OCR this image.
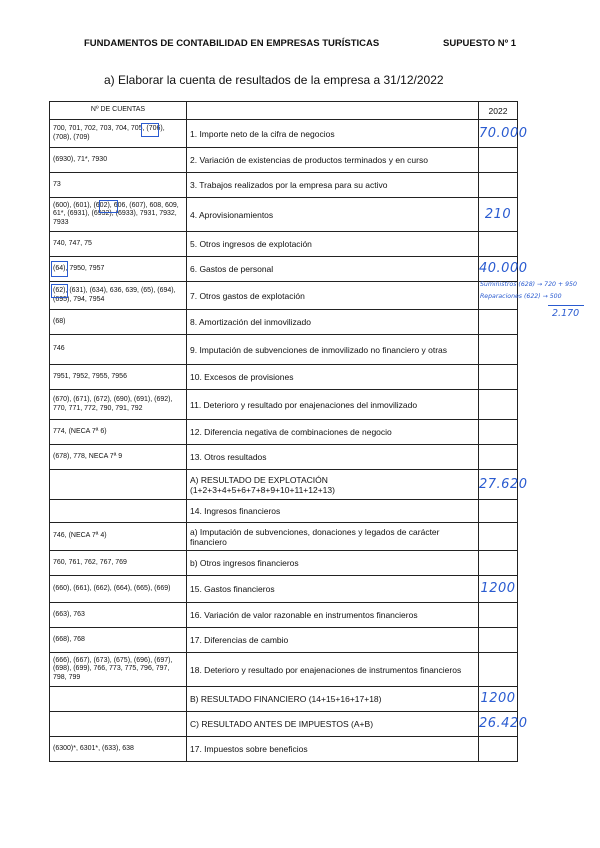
FUNDAMENTOS DE CONTABILIDAD EN EMPRESAS TURÍSTICAS	SUPUESTO Nº 1
a) Elaborar la cuenta de resultados de la empresa a 31/12/2022
Nº DE CUENTAS		2022
700, 701, 702, 703, 704, 705, (706), (708), (709)	1. Importe neto de la cifra de negocios	70.000
(6930), 71*, 7930	2. Variación de existencias de productos terminados y en curso	
73	3. Trabajos realizados por la empresa para su activo	
(600), (601), (602), 606, (607), 608, 609, 61*, (6931), (6932), (6933), 7931, 7932, 7933	4. Aprovisionamientos	210
740, 747, 75	5. Otros ingresos de explotación	
(64), 7950, 7957	6. Gastos de personal	40.000
(62), (631), (634), 636, 639, (65), (694), (695), 794, 7954	7. Otros gastos de explotación	
(68)	8. Amortización del inmovilizado	
746	9. Imputación de subvenciones de inmovilizado no financiero y otras	
7951, 7952, 7955, 7956	10. Excesos de provisiones	
(670), (671), (672), (690), (691), (692), 770, 771, 772, 790, 791, 792	11. Deterioro y resultado por enajenaciones del inmovilizado	
774, (NECA 7ª 6)	12. Diferencia negativa de combinaciones de negocio	
(678), 778, NECA 7ª 9	13. Otros resultados	
	A) RESULTADO DE EXPLOTACIÓN (1+2+3+4+5+6+7+8+9+10+11+12+13)	27.620
	14. Ingresos financieros	
746, (NECA 7ª 4)	a) Imputación de subvenciones, donaciones y legados de carácter financiero	
760, 761, 762, 767, 769	b) Otros ingresos financieros	
(660), (661), (662), (664), (665), (669)	15. Gastos financieros	1200
(663), 763	16. Variación de valor razonable en instrumentos financieros	
(668), 768	17. Diferencias de cambio	
(666), (667), (673), (675), (696), (697), (698), (699), 766, 773, 775, 796, 797, 798, 799	18. Deterioro y resultado por enajenaciones de instrumentos financieros	
	B) RESULTADO FINANCIERO (14+15+16+17+18)	1200
	C) RESULTADO ANTES DE IMPUESTOS (A+B)	26.420
(6300)*, 6301*, (633), 638	17. Impuestos sobre beneficios	
Suministros (628) → 720 + 950
Reparaciones (622) → 500
2.170
